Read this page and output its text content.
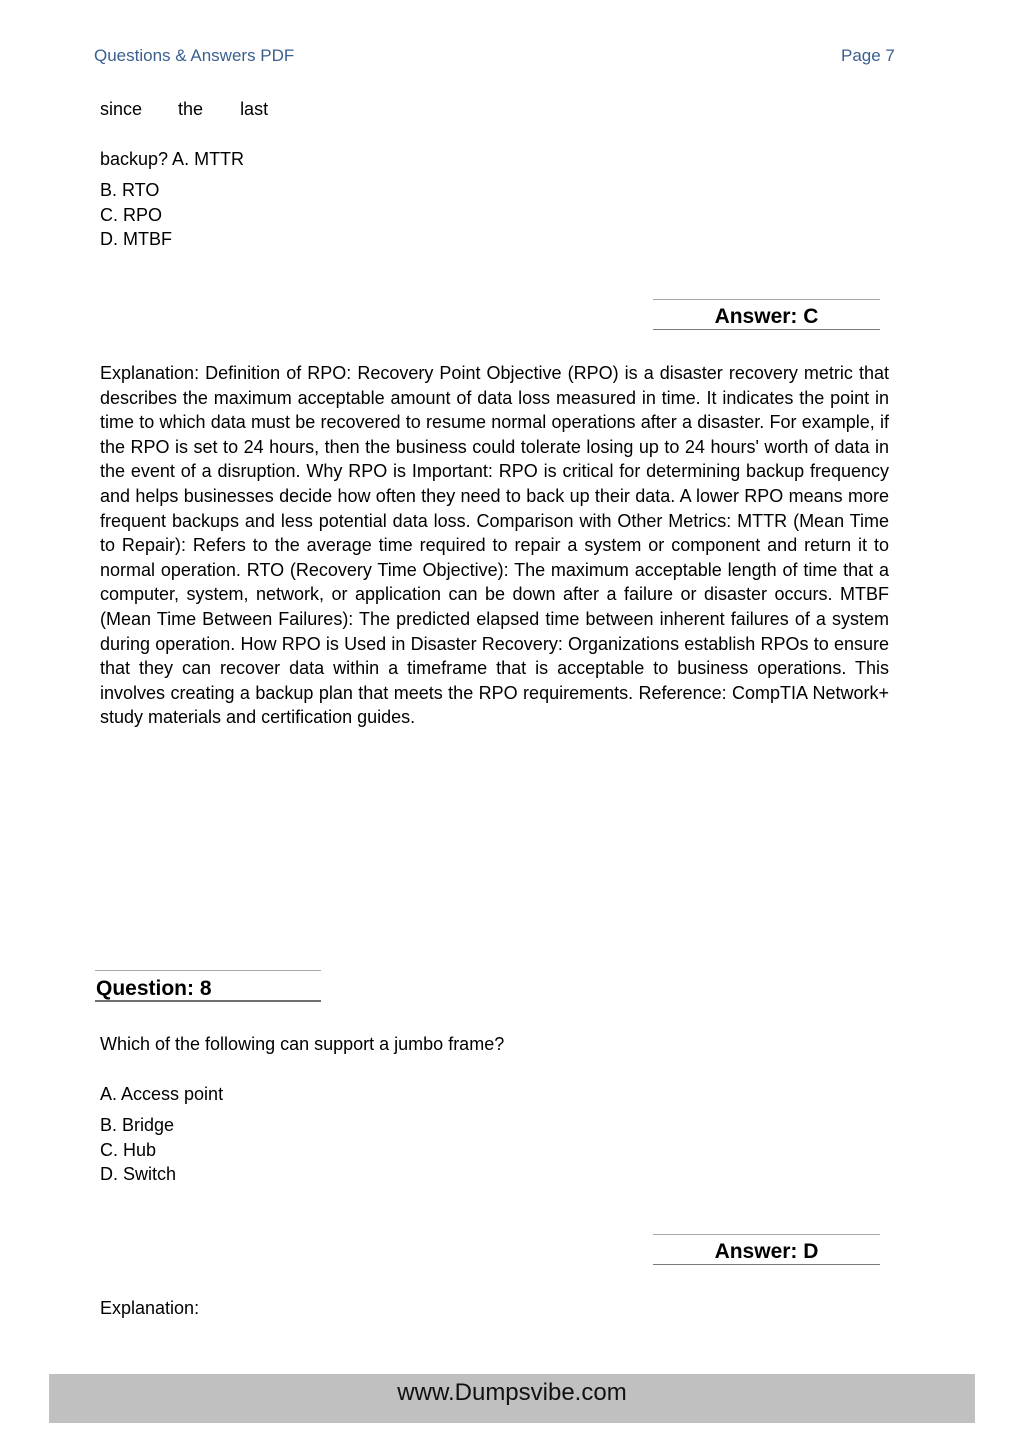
Questions & Answers PDF	Page 7
since the last
backup? A. MTTR

B. RTO

C. RPO

D. MTBF

Answer: C
Explanation: Definition of RPO: Recovery Point Objective (RPO) is a disaster recovery metric that describes the maximum acceptable amount of data loss measured in time. It indicates the point in time to which data must be recovered to resume normal operations after a disaster. For example, if the RPO is set to 24 hours, then the business could tolerate losing up to 24 hours' worth of data in the event of a disruption. Why RPO is Important: RPO is critical for determining backup frequency and helps businesses decide how often they need to back up their data. A lower RPO means more frequent backups and less potential data loss. Comparison with Other Metrics: MTTR (Mean Time to Repair): Refers to the average time required to repair a system or component and return it to normal operation. RTO (Recovery Time Objective): The maximum acceptable length of time that a computer, system, network, or application can be down after a failure or disaster occurs. MTBF (Mean Time Between Failures): The predicted elapsed time between inherent failures of a system during operation. How RPO is Used in Disaster Recovery: Organizations establish RPOs to ensure that they can recover data within a timeframe that is acceptable to business operations. This involves creating a backup plan that meets the RPO requirements. Reference: CompTIA Network+ study materials and certification guides.
Question: 8
Which of the following can support a jumbo frame?
A. Access point

B. Bridge

C. Hub

D. Switch

Answer: D
Explanation:
www.Dumpsvibe.com
